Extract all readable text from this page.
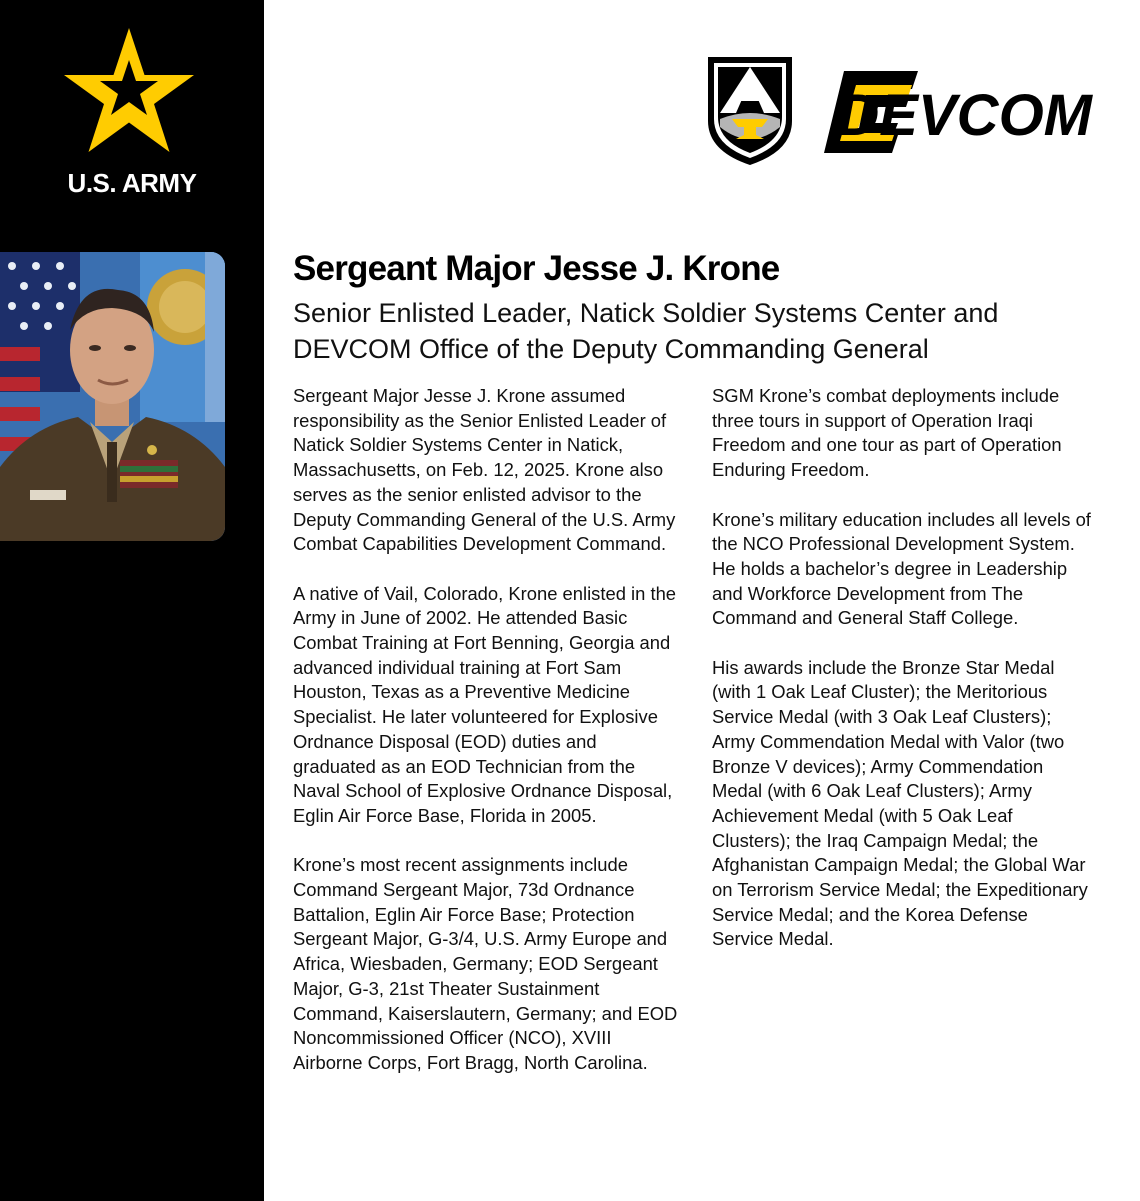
U.S. ARMY
DEVCOM
Sergeant Major Jesse J. Krone
Senior Enlisted Leader, Natick Soldier Systems Center and DEVCOM Office of the Deputy Commanding General

Sergeant Major Jesse J. Krone assumed responsibility as the Senior Enlisted Leader of Natick Soldier Systems Center in Natick, Massachusetts, on Feb. 12, 2025. Krone also serves as the senior enlisted advisor to the Deputy Commanding General of the U.S. Army Combat Capabilities Development Command.

A native of Vail, Colorado, Krone enlisted in the Army in June of 2002. He attended Basic Combat Training at Fort Benning, Georgia and advanced individual training at Fort Sam Houston, Texas as a Preventive Medicine Specialist. He later volunteered for Explosive Ordnance Disposal (EOD) duties and graduated as an EOD Technician from the Naval School of Explosive Ordnance Disposal, Eglin Air Force Base, Florida in 2005.

Krone’s most recent assignments include Command Sergeant Major, 73d Ordnance Battalion, Eglin Air Force Base; Protection Sergeant Major, G-3/4, U.S. Army Europe and Africa, Wiesbaden, Germany; EOD Sergeant Major, G-3, 21st Theater Sustainment Command, Kaiserslautern, Germany; and EOD Noncommissioned Officer (NCO), XVIII Airborne Corps, Fort Bragg, North Carolina.

SGM Krone’s combat deployments include three tours in support of Operation Iraqi Freedom and one tour as part of Operation Enduring Freedom.

Krone’s military education includes all levels of the NCO Professional Development System. He holds a bachelor’s degree in Leadership and Workforce Development from The Command and General Staff College.

His awards include the Bronze Star Medal (with 1 Oak Leaf Cluster); the Meritorious Service Medal (with 3 Oak Leaf Clusters); Army Commendation Medal with Valor (two Bronze V devices); Army Commendation Medal (with 6 Oak Leaf Clusters); Army Achievement Medal (with 5 Oak Leaf Clusters); the Iraq Campaign Medal; the Afghanistan Campaign Medal; the Global War on Terrorism Service Medal; the Expeditionary Service Medal; and the Korea Defense Service Medal.
